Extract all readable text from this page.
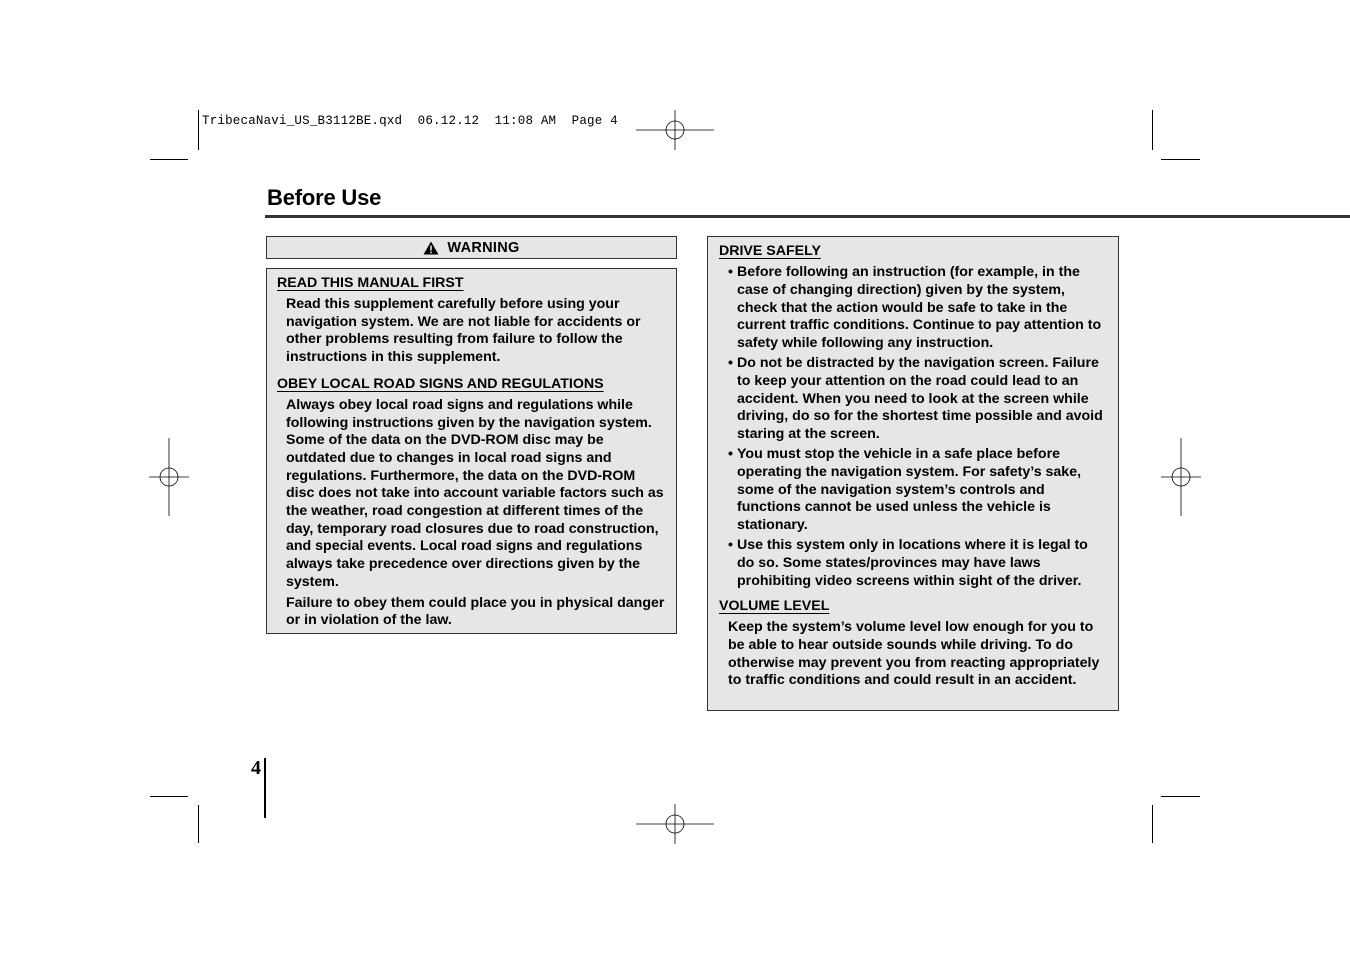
TribecaNavi_US_B3112BE.qxd  06.12.12  11:08 AM  Page 4
Before Use
WARNING
READ THIS MANUAL FIRST

Read this supplement carefully before using your navigation system. We are not liable for accidents or other problems resulting from failure to follow the instructions in this supplement.

OBEY LOCAL ROAD SIGNS AND REGULATIONS

Always obey local road signs and regulations while following instructions given by the navigation system. Some of the data on the DVD-ROM disc may be outdated due to changes in local road signs and regulations. Furthermore, the data on the DVD-ROM disc does not take into account variable factors such as the weather, road congestion at different times of the day, temporary road closures due to road construction, and special events. Local road signs and regulations always take precedence over directions given by the system.

Failure to obey them could place you in physical danger or in violation of the law.

DRIVE SAFELY
• Before following an instruction (for example, in the case of changing direction) given by the system, check that the action would be safe to take in the current traffic conditions. Continue to pay attention to safety while following any instruction.
• Do not be distracted by the navigation screen. Failure to keep your attention on the road could lead to an accident. When you need to look at the screen while driving, do so for the shortest time possible and avoid staring at the screen.
• You must stop the vehicle in a safe place before operating the navigation system. For safety’s sake, some of the navigation system’s controls and functions cannot be used unless the vehicle is stationary.
• Use this system only in locations where it is legal to do so. Some states/provinces may have laws prohibiting video screens within sight of the driver.
VOLUME LEVEL

Keep the system’s volume level low enough for you to be able to hear outside sounds while driving. To do otherwise may prevent you from reacting appropriately to traffic conditions and could result in an accident.

4
